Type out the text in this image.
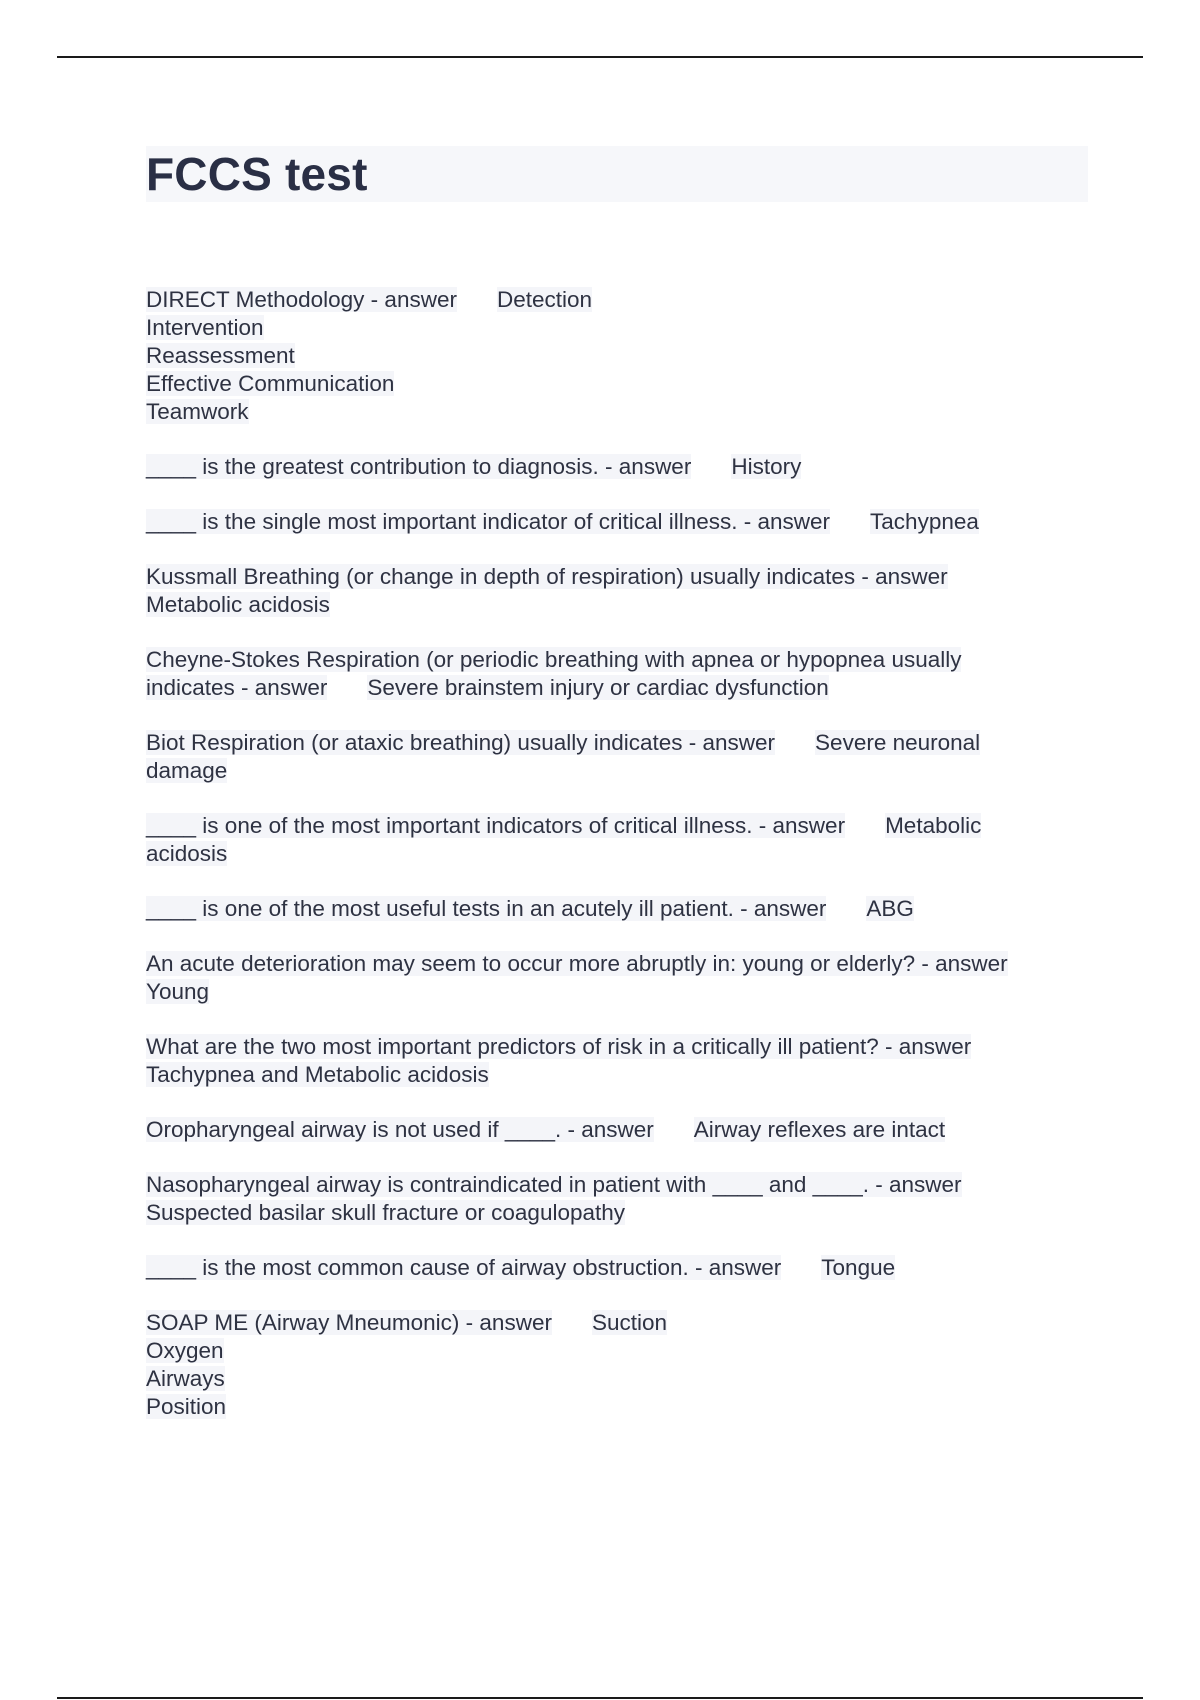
FCCS test
DIRECT Methodology - answer Detection
Intervention
Reassessment
Effective Communication
Teamwork
____ is the greatest contribution to diagnosis. - answer History
____ is the single most important indicator of critical illness. - answer Tachypnea
Kussmall Breathing (or change in depth of respiration) usually indicates - answer
Metabolic acidosis
Cheyne-Stokes Respiration (or periodic breathing with apnea or hypopnea usually
indicates - answer Severe brainstem injury or cardiac dysfunction
Biot Respiration (or ataxic breathing) usually indicates - answer Severe neuronal
damage
____ is one of the most important indicators of critical illness. - answer Metabolic
acidosis
____ is one of the most useful tests in an acutely ill patient. - answer ABG
An acute deterioration may seem to occur more abruptly in: young or elderly? - answer
Young
What are the two most important predictors of risk in a critically ill patient? - answer
Tachypnea and Metabolic acidosis
Oropharyngeal airway is not used if ____. - answer Airway reflexes are intact
Nasopharyngeal airway is contraindicated in patient with ____ and ____. - answer
Suspected basilar skull fracture or coagulopathy
____ is the most common cause of airway obstruction. - answer Tongue
SOAP ME (Airway Mneumonic) - answer Suction
Oxygen
Airways
Position
